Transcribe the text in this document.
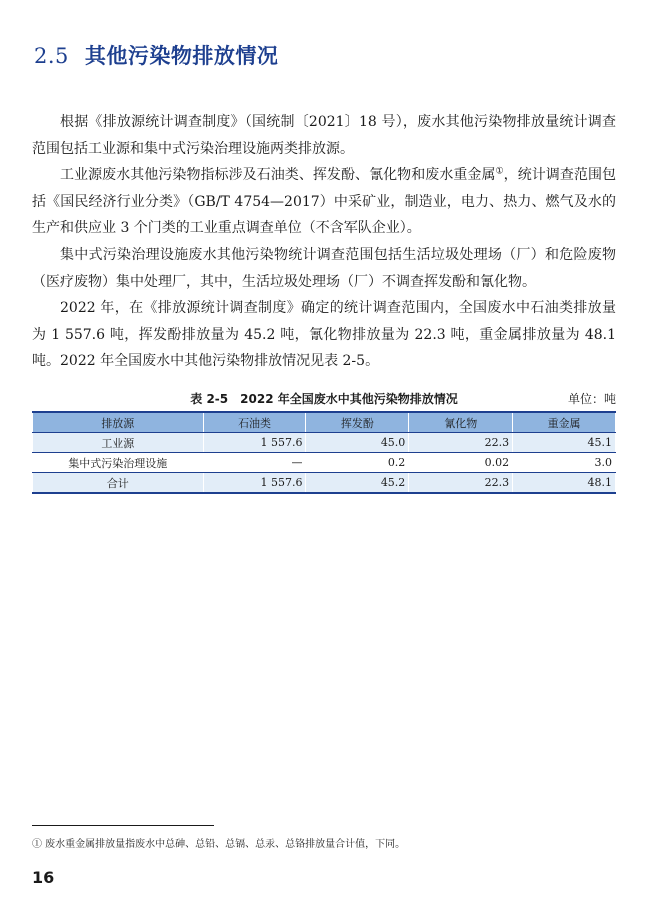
2.5 其他污染物排放情况

根据《排放源统计调查制度》（国统制〔2021〕18 号），废水其他污染物排放量统计调查范围包括工业源和集中式污染治理设施两类排放源。

工业源废水其他污染物指标涉及石油类、挥发酚、氰化物和废水重金属①，统计调查范围包括《国民经济行业分类》（GB/T 4754—2017）中采矿业，制造业，电力、热力、燃气及水的生产和供应业 3 个门类的工业重点调查单位（不含军队企业）。

集中式污染治理设施废水其他污染物统计调查范围包括生活垃圾处理场（厂）和危险废物（医疗废物）集中处理厂，其中，生活垃圾处理场（厂）不调查挥发酚和氰化物。

2022 年，在《排放源统计调查制度》确定的统计调查范围内，全国废水中石油类排放量为 1 557.6 吨，挥发酚排放量为 45.2 吨，氰化物排放量为 22.3 吨，重金属排放量为 48.1 吨。2022 年全国废水中其他污染物排放情况见表 2-5。

表 2-5　2022 年全国废水中其他污染物排放情况	单位：吨
排放源	石油类	挥发酚	氰化物	重金属
工业源	1 557.6	45.0	22.3	45.1
集中式污染治理设施	—	0.2	0.02	3.0
合计	1 557.6	45.2	22.3	48.1
① 废水重金属排放量指废水中总砷、总铅、总镉、总汞、总铬排放量合计值，下同。
16
